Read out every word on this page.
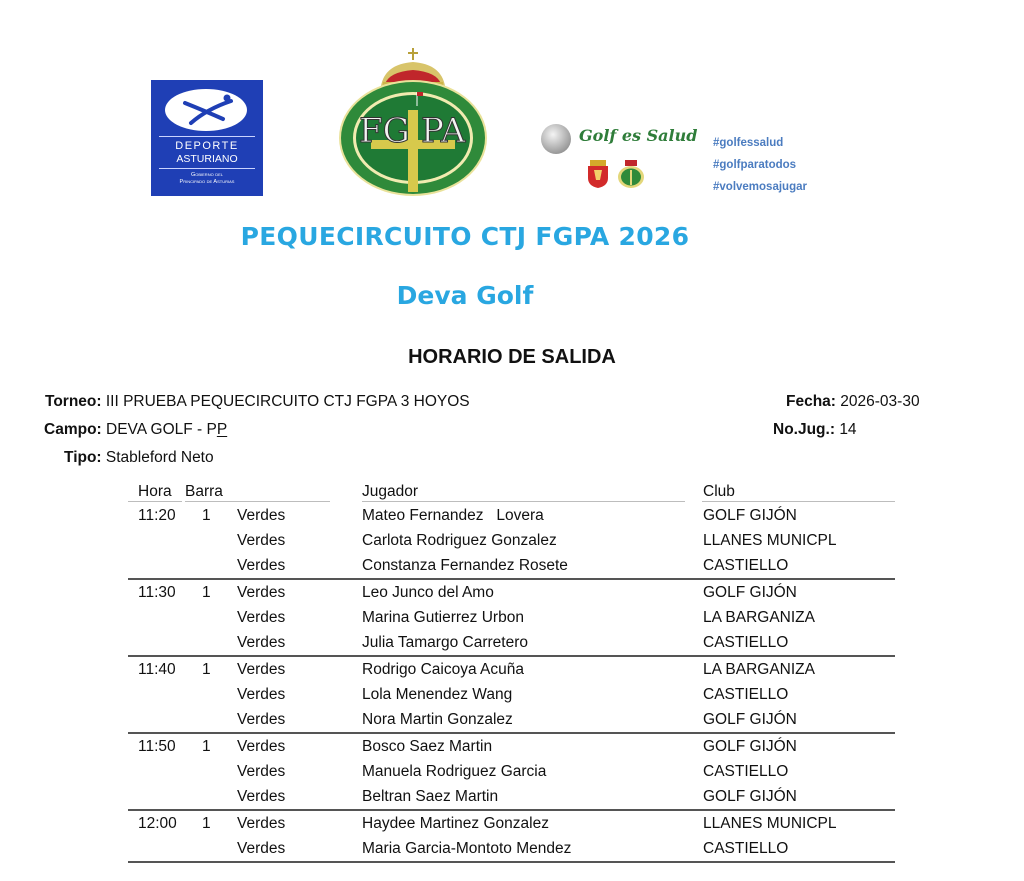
DEPORTE
ASTURIANO
Gobierno del
Principado de Asturias
FG PA	Golf es Salud #golfessalud
#golfparatodos
#volvemosajugar
PEQUECIRCUITO CTJ FGPA 2026
Deva Golf
HORARIO DE SALIDA
Torneo: III PRUEBA PEQUECIRCUITO CTJ FGPA 3 HOYOS
Campo: DEVA GOLF - PP
Tipo: Stableford Neto
Fecha: 2026-03-30
No.Jug.: 14
Hora Barra	Jugador	Club
11:20 1 Verdes	Mateo Fernandez   Lovera	GOLF GIJÓN
Verdes	Carlota Rodriguez Gonzalez	LLANES MUNICPL
Verdes	Constanza Fernandez Rosete	CASTIELLO
11:30 1 Verdes	Leo Junco del Amo	GOLF GIJÓN
Verdes	Marina Gutierrez Urbon	LA BARGANIZA
Verdes	Julia Tamargo Carretero	CASTIELLO
11:40 1 Verdes	Rodrigo Caicoya Acuña	LA BARGANIZA
Verdes	Lola Menendez Wang	CASTIELLO
Verdes	Nora Martin Gonzalez	GOLF GIJÓN
11:50 1 Verdes	Bosco Saez Martin	GOLF GIJÓN
Verdes	Manuela Rodriguez Garcia	CASTIELLO
Verdes	Beltran Saez Martin	GOLF GIJÓN
12:00 1 Verdes	Haydee Martinez Gonzalez	LLANES MUNICPL
Verdes	Maria Garcia-Montoto Mendez	CASTIELLO
